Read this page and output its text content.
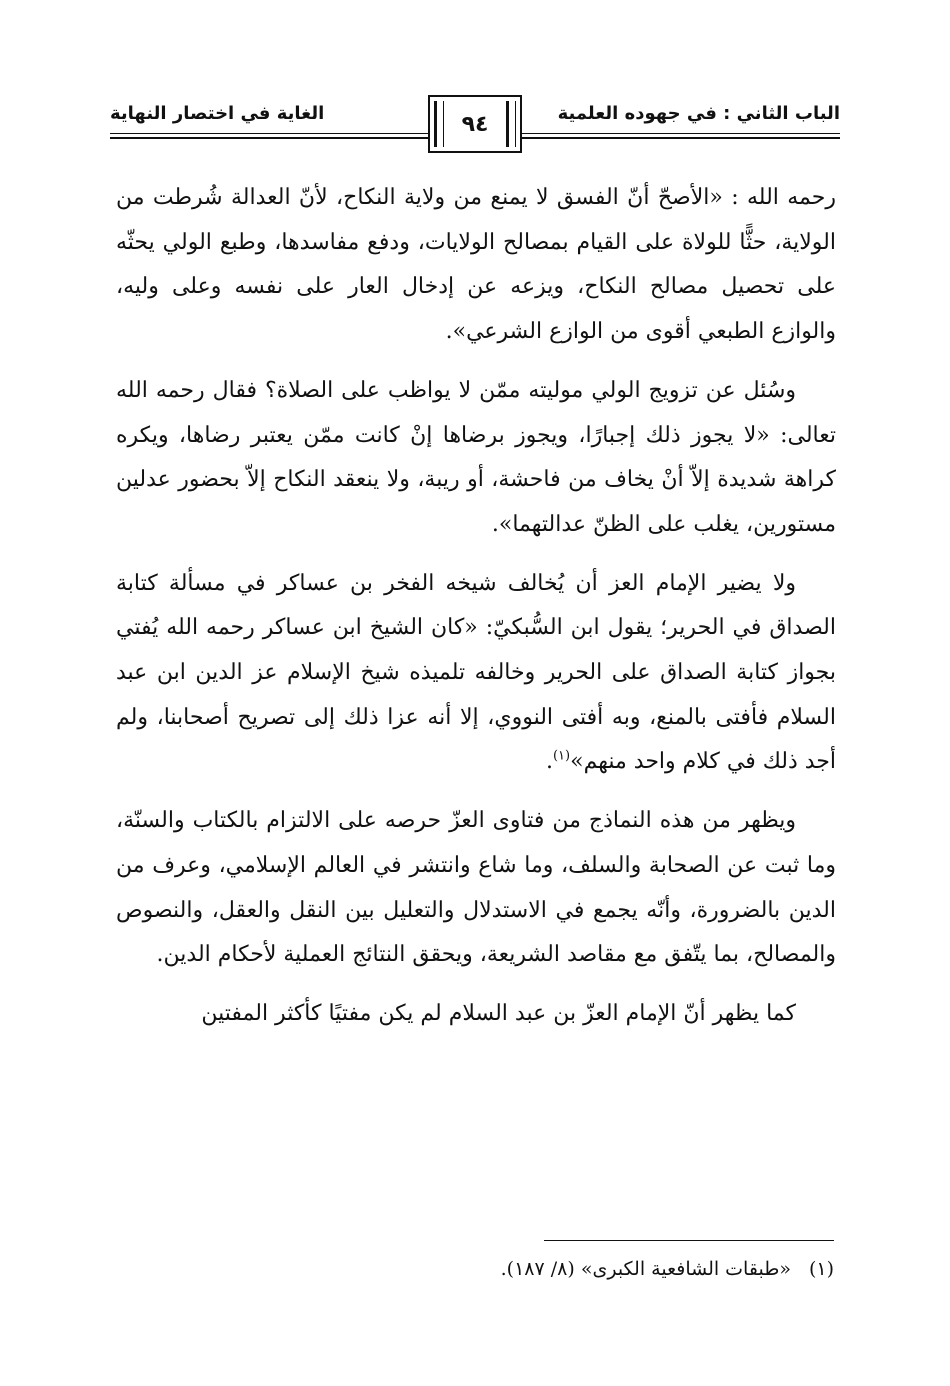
الباب الثاني : في جهوده العلمية
الغاية في اختصار النهاية	٩٤

رحمه الله : «الأصحّ أنّ الفسق لا يمنع من ولاية النكاح، لأنّ العدالة شُرطت من الولاية، حثًّا للولاة على القيام بمصالح الولايات، ودفع مفاسدها، وطبع الولي يحثّه على تحصيل مصالح النكاح، ويزعه عن إدخال العار على نفسه وعلى وليه، والوازع الطبعي أقوى من الوازع الشرعي».

وسُئل عن تزويج الولي موليته ممّن لا يواظب على الصلاة؟ فقال رحمه الله تعالى: «لا يجوز ذلك إجبارًا، ويجوز برضاها إنْ كانت ممّن يعتبر رضاها، ويكره كراهة شديدة إلاّ أنْ يخاف من فاحشة، أو ريبة، ولا ينعقد النكاح إلاّ بحضور عدلين مستورين، يغلب على الظنّ عدالتهما».

ولا يضير الإمام العز أن يُخالف شيخه الفخر بن عساكر في مسألة كتابة الصداق في الحرير؛ يقول ابن السُّبكيّ: «كان الشيخ ابن عساكر رحمه الله يُفتي بجواز كتابة الصداق على الحرير وخالفه تلميذه شيخ الإسلام عز الدين ابن عبد السلام فأفتى بالمنع، وبه أفتى النووي، إلا أنه عزا ذلك إلى تصريح أصحابنا، ولم أجد ذلك في كلام واحد منهم»$^{(١)}$.

ويظهر من هذه النماذج من فتاوى العزّ حرصه على الالتزام بالكتاب والسنّة، وما ثبت عن الصحابة والسلف، وما شاع وانتشر في العالم الإسلامي، وعرف من الدين بالضرورة، وأنّه يجمع في الاستدلال والتعليل بين النقل والعقل، والنصوص والمصالح، بما يتّفق مع مقاصد الشريعة، ويحقق النتائج العملية لأحكام الدين.

كما يظهر أنّ الإمام العزّ بن عبد السلام لم يكن مفتيًا كأكثر المفتين

(١)«طبقات الشافعية الكبرى» (٨/ ١٨٧).
